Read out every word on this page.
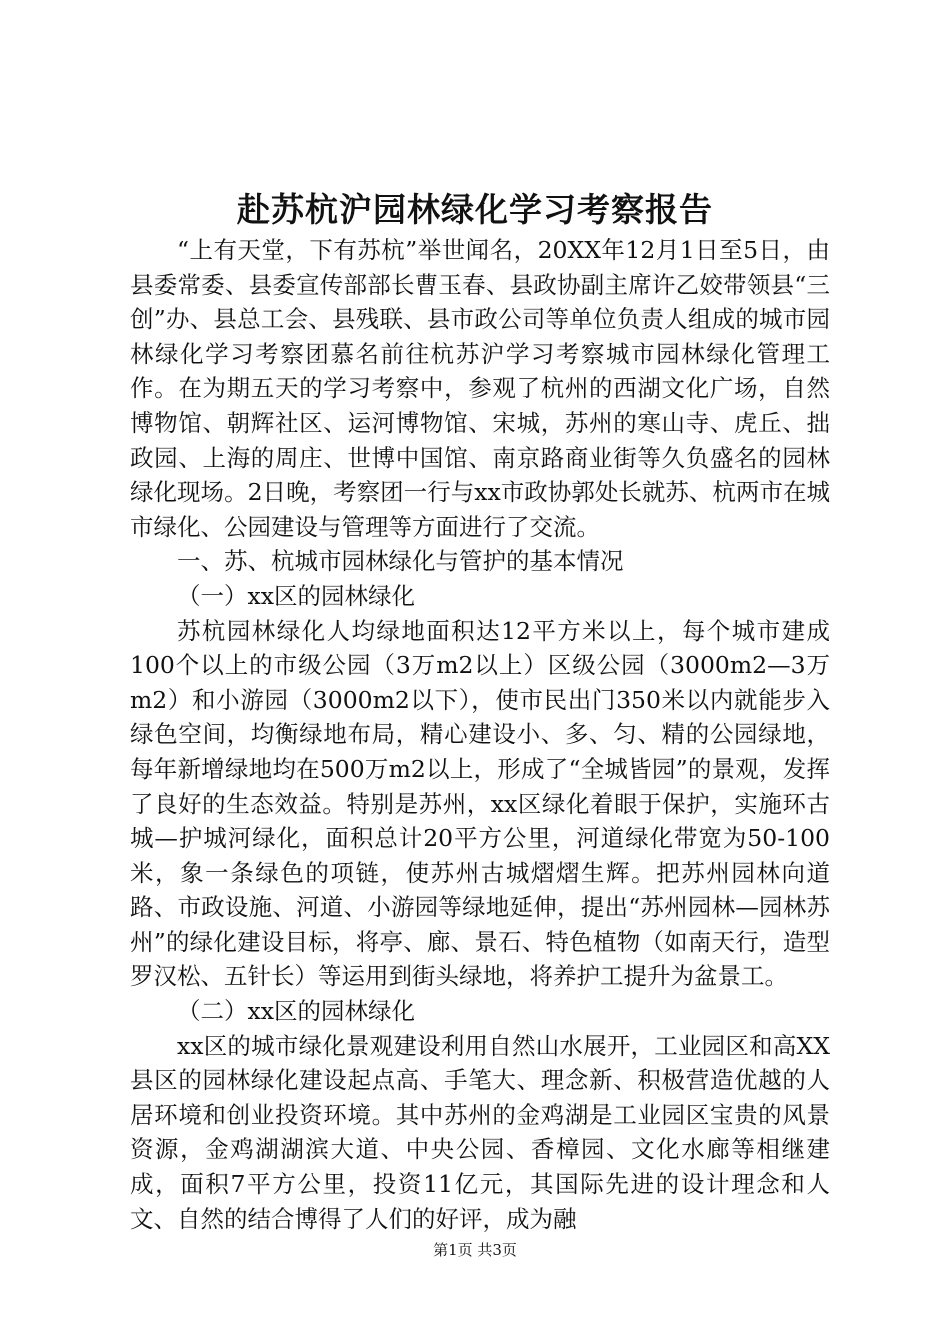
赴苏杭沪园林绿化学习考察报告

“上有天堂，下有苏杭”举世闻名，20XX年12月1日至5日，由县委常委、县委宣传部部长曹玉春、县政协副主席许乙姣带领县“三创”办、县总工会、县残联、县市政公司等单位负责人组成的城市园林绿化学习考察团慕名前往杭苏沪学习考察城市园林绿化管理工作。在为期五天的学习考察中，参观了杭州的西湖文化广场，自然博物馆、朝辉社区、运河博物馆、宋城，苏州的寒山寺、虎丘、拙政园、上海的周庄、世博中国馆、南京路商业街等久负盛名的园林绿化现场。2日晚，考察团一行与xx市政协郭处长就苏、杭两市在城市绿化、公园建设与管理等方面进行了交流。

一、苏、杭城市园林绿化与管护的基本情况

（一）xx区的园林绿化

苏杭园林绿化人均绿地面积达12平方米以上，每个城市建成100个以上的市级公园（3万m2以上）区级公园（3000m2—3万m2）和小游园（3000m2以下），使市民出门350米以内就能步入绿色空间，均衡绿地布局，精心建设小、多、匀、精的公园绿地，每年新增绿地均在500万m2以上，形成了“全城皆园”的景观，发挥了良好的生态效益。特别是苏州，xx区绿化着眼于保护，实施环古城—护城河绿化，面积总计20平方公里，河道绿化带宽为50-100米，象一条绿色的项链，使苏州古城熠熠生辉。把苏州园林向道路、市政设施、河道、小游园等绿地延伸，提出“苏州园林—园林苏州”的绿化建设目标，将亭、廊、景石、特色植物（如南天行，造型罗汉松、五针长）等运用到街头绿地，将养护工提升为盆景工。

（二）xx区的园林绿化

xx区的城市绿化景观建设利用自然山水展开，工业园区和高XX县区的园林绿化建设起点高、手笔大、理念新、积极营造优越的人居环境和创业投资环境。其中苏州的金鸡湖是工业园区宝贵的风景资源，金鸡湖湖滨大道、中央公园、香樟园、文化水廊等相继建成，面积7平方公里，投资11亿元，其国际先进的设计理念和人文、自然的结合博得了人们的好评，成为融

第1页 共3页
